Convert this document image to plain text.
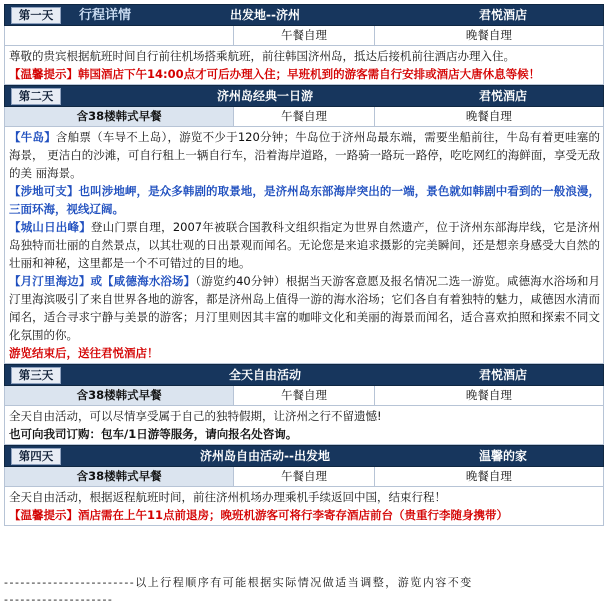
第一天	行程详情	出发地--济州	君悦酒店
午餐自理	晚餐自理

尊敬的贵宾根据航班时间自行前往机场搭乘航班，前往韩国济州岛，抵达后接机前往酒店办理入住。

【温馨提示】韩国酒店下午14:00点才可后办理入住；早班机到的游客需自行安排或酒店大唐休息等候！

第二天	济州岛经典一日游	君悦酒店
含38楼韩式早餐	午餐自理	晚餐自理

【牛岛】含舶票（车导不上岛），游览不少于120分钟；牛岛位于济州岛最东端，需要坐船前往，牛岛有着更哇塞的海景， 更洁白的沙滩，可自行租上一辆自行车，沿着海岸道路，一路骑一路玩一路停，吃吃网红的海鲜面，享受无敌的美 丽海景。

【涉地可支】也叫涉地岬，是众多韩剧的取景地，是济州岛东部海岸突出的一端，景色就如韩剧中看到的一般浪漫，三面环海，视线辽阔。

【城山日出峰】登山门票自理，2007年被联合国教科文组织指定为世界自然遗产，位于济州东部海岸线，它是济州岛独特而壮丽的自然景点，以其壮观的日出景观而闻名。无论您是来追求摄影的完美瞬间，还是想亲身感受大自然的壮丽和神秘，这里都是一个不可错过的目的地。

【月汀里海边】或【咸德海水浴场】（游览约40分钟）根据当天游客意愿及报名情况二选一游览。咸德海水浴场和月汀里海滨吸引了来自世界各地的游客，都是济州岛上值得一游的海水浴场；它们各自有着独特的魅力，咸德因水清而闻名，适合寻求宁静与美景的游客；月汀里则因其丰富的咖啡文化和美丽的海景而闻名，适合喜欢拍照和探索不同文化氛围的你。

游览结束后，送往君悦酒店！

第三天	全天自由活动	君悦酒店
含38楼韩式早餐	午餐自理	晚餐自理

全天自由活动，可以尽情享受属于自己的独特假期，让济州之行不留遗憾!

也可向我司订购：包车/1日游等服务，请向报名处咨询。

第四天	济州岛自由活动--出发地	温馨的家
含38楼韩式早餐	午餐自理	晚餐自理

全天自由活动，根据返程航班时间，前往济州机场办理乘机手续返回中国，结束行程！

【温馨提示】酒店需在上午11点前退房；晚班机游客可将行李寄存酒店前台（贵重行李随身携带）

------------------------以上行程顺序有可能根据实际情况做适当调整，游览内容不变
--------------------
